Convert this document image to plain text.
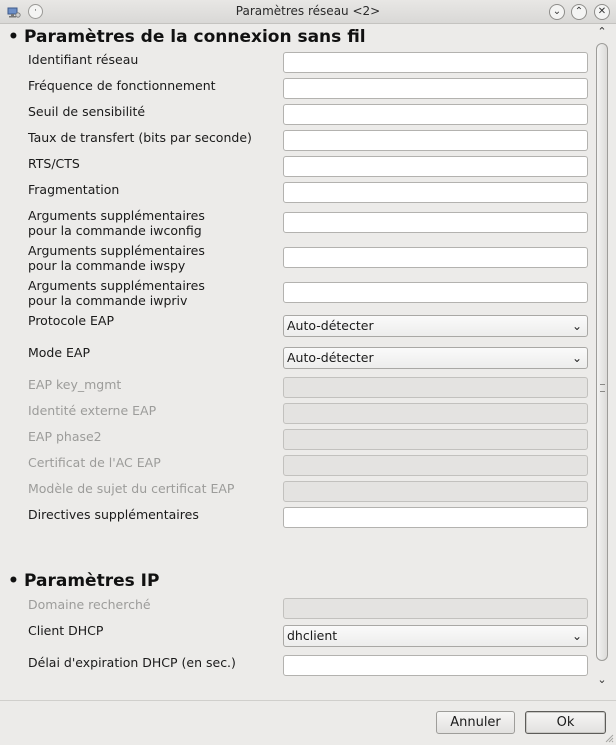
·	Paramètres réseau <2>	⌄	⌃	✕
• Paramètres de la connexion sans fil
Identifiant réseau
Fréquence de fonctionnement
Seuil de sensibilité
Taux de transfert (bits par seconde)
RTS/CTS
Fragmentation
Arguments supplémentaires
pour la commande iwconfig
Arguments supplémentaires
pour la commande iwspy
Arguments supplémentaires
pour la commande iwpriv
Protocole EAP	Auto-détecter	⌄
Mode EAP	Auto-détecter	⌄
EAP key_mgmt
Identité externe EAP
EAP phase2
Certificat de l'AC EAP
Modèle de sujet du certificat EAP
Directives supplémentaires
• Paramètres IP
Domaine recherché
Client DHCP	dhclient	⌄
Délai d'expiration DHCP (en sec.)
⌃
⌄
Annuler	Ok
